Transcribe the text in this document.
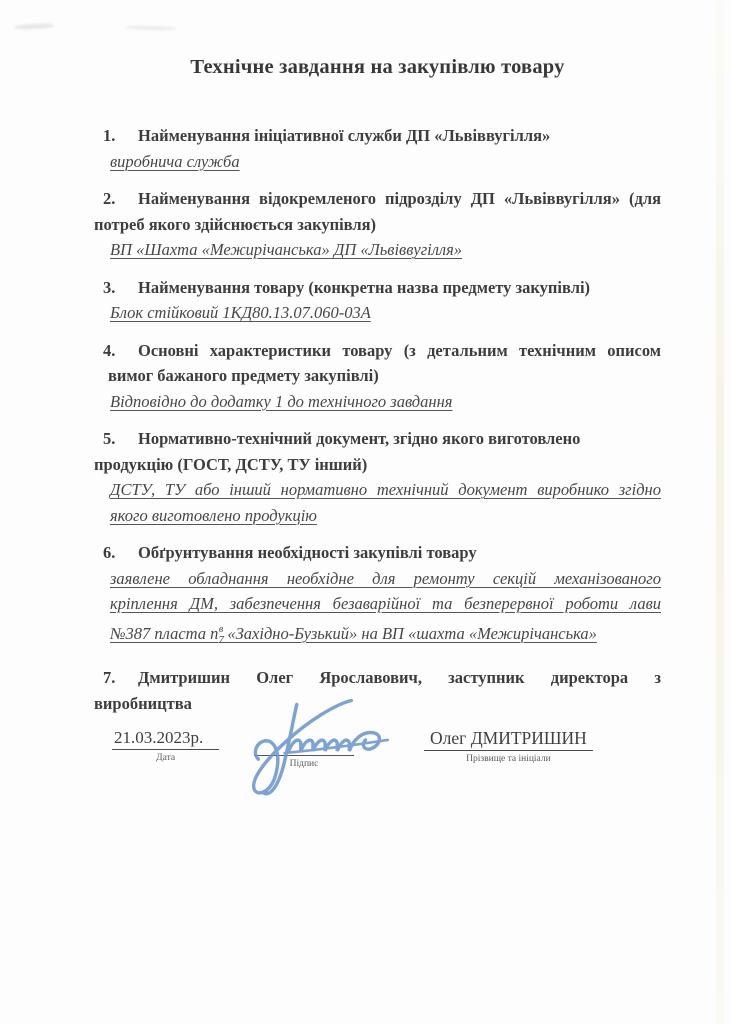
Технічне завдання на закупівлю товару
1. Найменування ініціативної служби ДП «Львіввугілля»
виробнича служба
2. Найменування відокремленого підрозділу ДП «Львіввугілля» (для
потреб якого здійснюється закупівля)
ВП «Шахта «Межирічанська» ДП «Львіввугілля»
3. Найменування товару (конкретна назва предмету закупівлі)
Блок стійковий 1КД80.13.07.060-03А
4. Основні характеристики товару (з детальним технічним описом
вимог бажаного предмету закупівлі)
Відповідно до додатку 1 до технічного завдання
5. Нормативно-технічний документ, згідно якого виготовлено
продукцію (ГОСТ, ДСТУ, ТУ інший)
ДСТУ, ТУ або інший нормативно технічний документ виробнико згідно
якого виготовлено продукцію
6. Обґрунтування необхідності закупівлі товару
заявлене обладнання необхідне для ремонту секцій механізованого
кріплення ДМ, забезпечення безаварійної та безперервної роботи лави
№387 пласта $n_7^в$ «Західно-Бузький» на ВП «шахта «Межирічанська»
7. Дмитришин Олег Ярославович, заступник директора з
виробництва
21.03.2023р.
Дата
Підпис
Олег ДМИТРИШИН
Прізвище та ініціали
